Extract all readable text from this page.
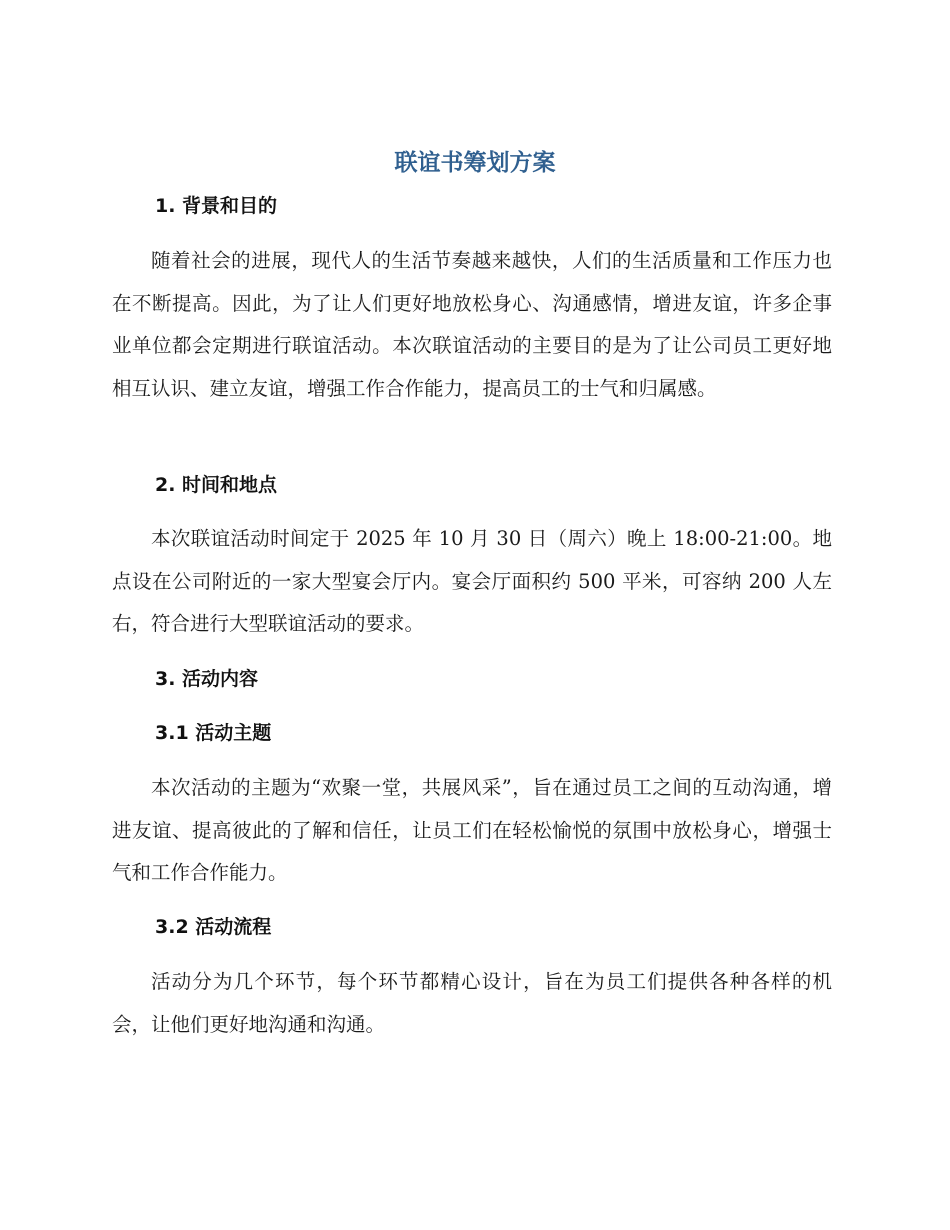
联谊书筹划方案
1. 背景和目的

随着社会的进展，现代人的生活节奏越来越快，人们的生活质量和工作压力也在不断提高。因此，为了让人们更好地放松身心、沟通感情，增进友谊，许多企事业单位都会定期进行联谊活动。本次联谊活动的主要目的是为了让公司员工更好地相互认识、建立友谊，增强工作合作能力，提高员工的士气和归属感。

2. 时间和地点

本次联谊活动时间定于 2025 年 10 月 30 日（周六）晚上 18:00-21:00。地点设在公司附近的一家大型宴会厅内。宴会厅面积约 500 平米，可容纳 200 人左右，符合进行大型联谊活动的要求。

3. 活动内容
3.1 活动主题

本次活动的主题为“欢聚一堂，共展风采”，旨在通过员工之间的互动沟通，增进友谊、提高彼此的了解和信任，让员工们在轻松愉悦的氛围中放松身心，增强士气和工作合作能力。

3.2 活动流程

活动分为几个环节，每个环节都精心设计，旨在为员工们提供各种各样的机会，让他们更好地沟通和沟通。
